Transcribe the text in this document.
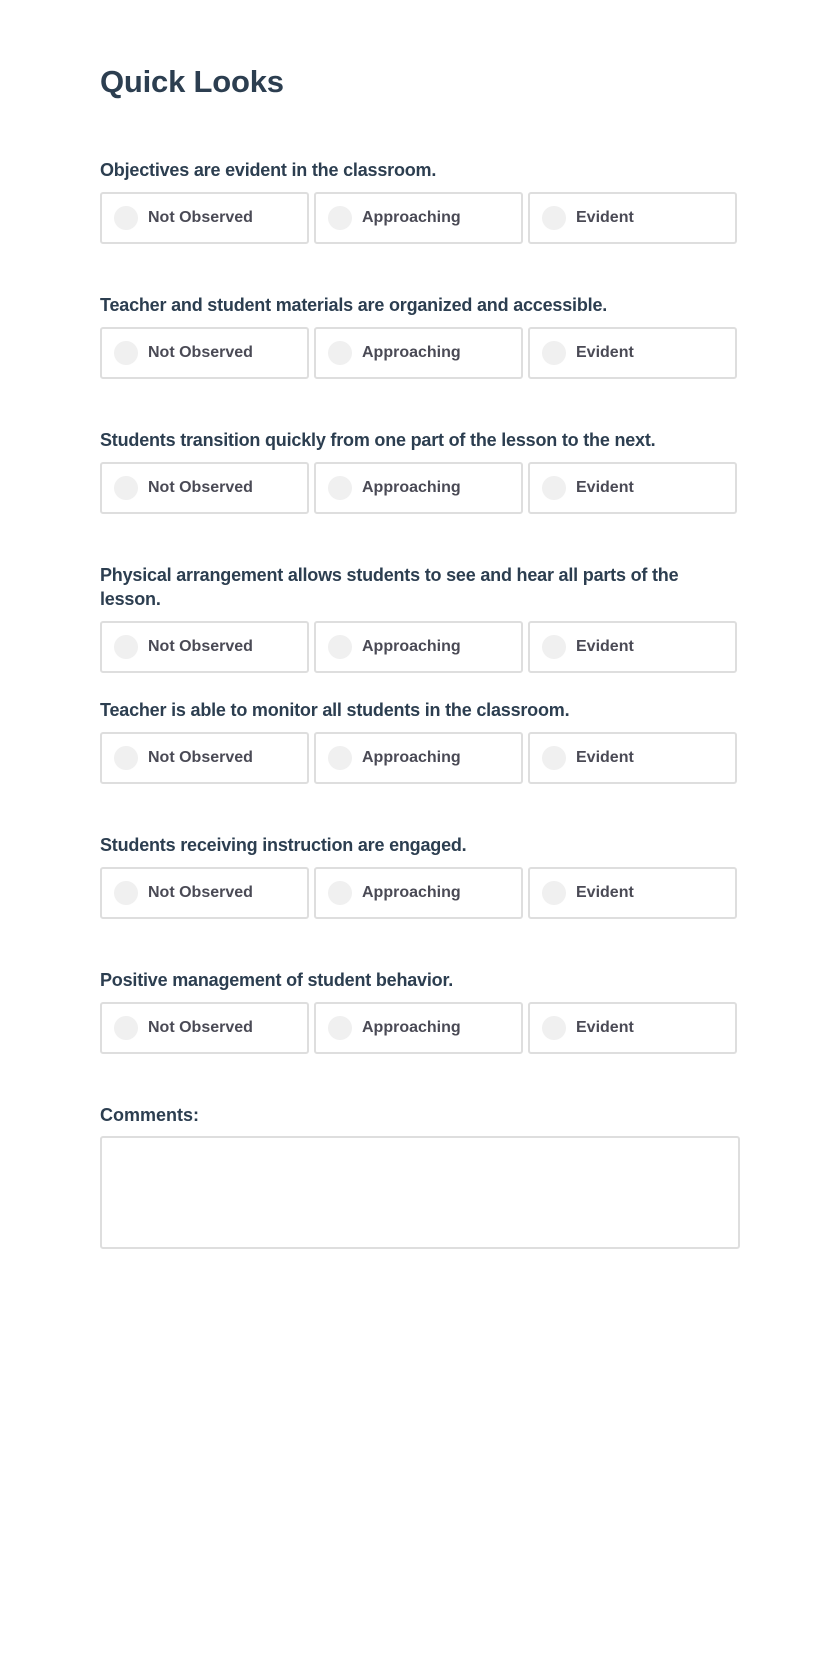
Quick Looks

Objectives are evident in the classroom.

Not Observed	Approaching	Evident

Teacher and student materials are organized and accessible.

Not Observed	Approaching	Evident

Students transition quickly from one part of the lesson to the next.

Not Observed	Approaching	Evident

Physical arrangement allows students to see and hear all parts of the lesson.

Not Observed	Approaching	Evident

Teacher is able to monitor all students in the classroom.

Not Observed	Approaching	Evident

Students receiving instruction are engaged.

Not Observed	Approaching	Evident

Positive management of student behavior.

Not Observed	Approaching	Evident

Comments:
